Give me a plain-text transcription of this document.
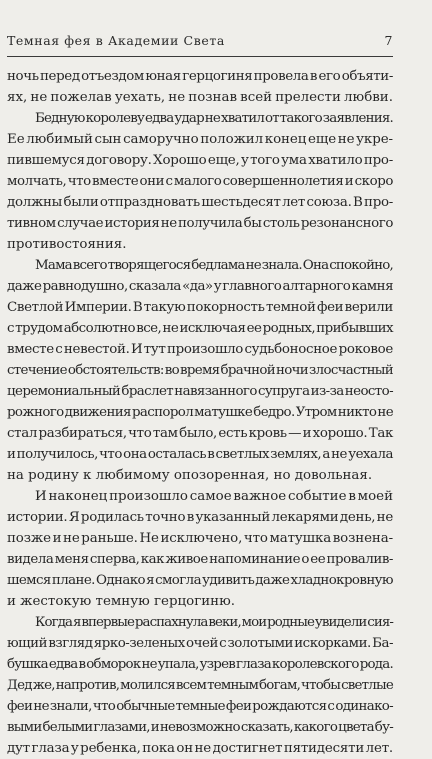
Темная фея в Академии Света	7
ночь перед отъездом юная герцогиня провела в его объяти-
ях, не пожелав уехать, не познав всей прелести любви.
Бедную королеву едва удар не хватил от такого заявления.
Ее любимый сын саморучно положил конец еще не укре-
пившемуся договору. Хорошо еще, у того ума хватило про-
молчать, что вместе они с малого совершеннолетия и скоро
должны были отпраздновать шестьдесят лет союза. В про-
тивном случае история не получила бы столь резонансного
противостояния.
Мама всего творящегося бедлама не знала. Она спокойно,
даже равнодушно, сказала «да» у главного алтарного камня
Светлой Империи. В такую покорность темной феи верили
с трудом абсолютно все, не исключая ее родных, прибывших
вместе с невестой. И тут произошло судьбоносное роковое
стечение обстоятельств: во время брачной ночи злосчастный
церемониальный браслет навязанного супруга из-за неосто-
рожного движения распорол матушке бедро. Утром никто не
стал разбираться, что там было, есть кровь — и хорошо. Так
и получилось, что она осталась в светлых землях, а не уехала
на родину к любимому опозоренная, но довольная.
И наконец произошло самое важное событие в моей
истории. Я родилась точно в указанный лекарями день, не
позже и не раньше. Не исключено, что матушка вознена-
видела меня сперва, как живое напоминание о ее провалив-
шемся плане. Однако я смогла удивить даже хладнокровную
и жестокую темную герцогиню.
Когда я впервые распахнула веки, мои родные увидели сия-
ющий взгляд ярко-зеленых очей с золотыми искорками. Ба-
бушка едва в обморок не упала, узрев глаза королевского рода.
Дед же, напротив, молился всем темным богам, чтобы светлые
феи не знали, что обычные темные феи рождаются с одинако-
выми белыми глазами, и невозможно сказать, какого цвета бу-
дут глаза у ребенка, пока он не достигнет пятидесяти лет.
